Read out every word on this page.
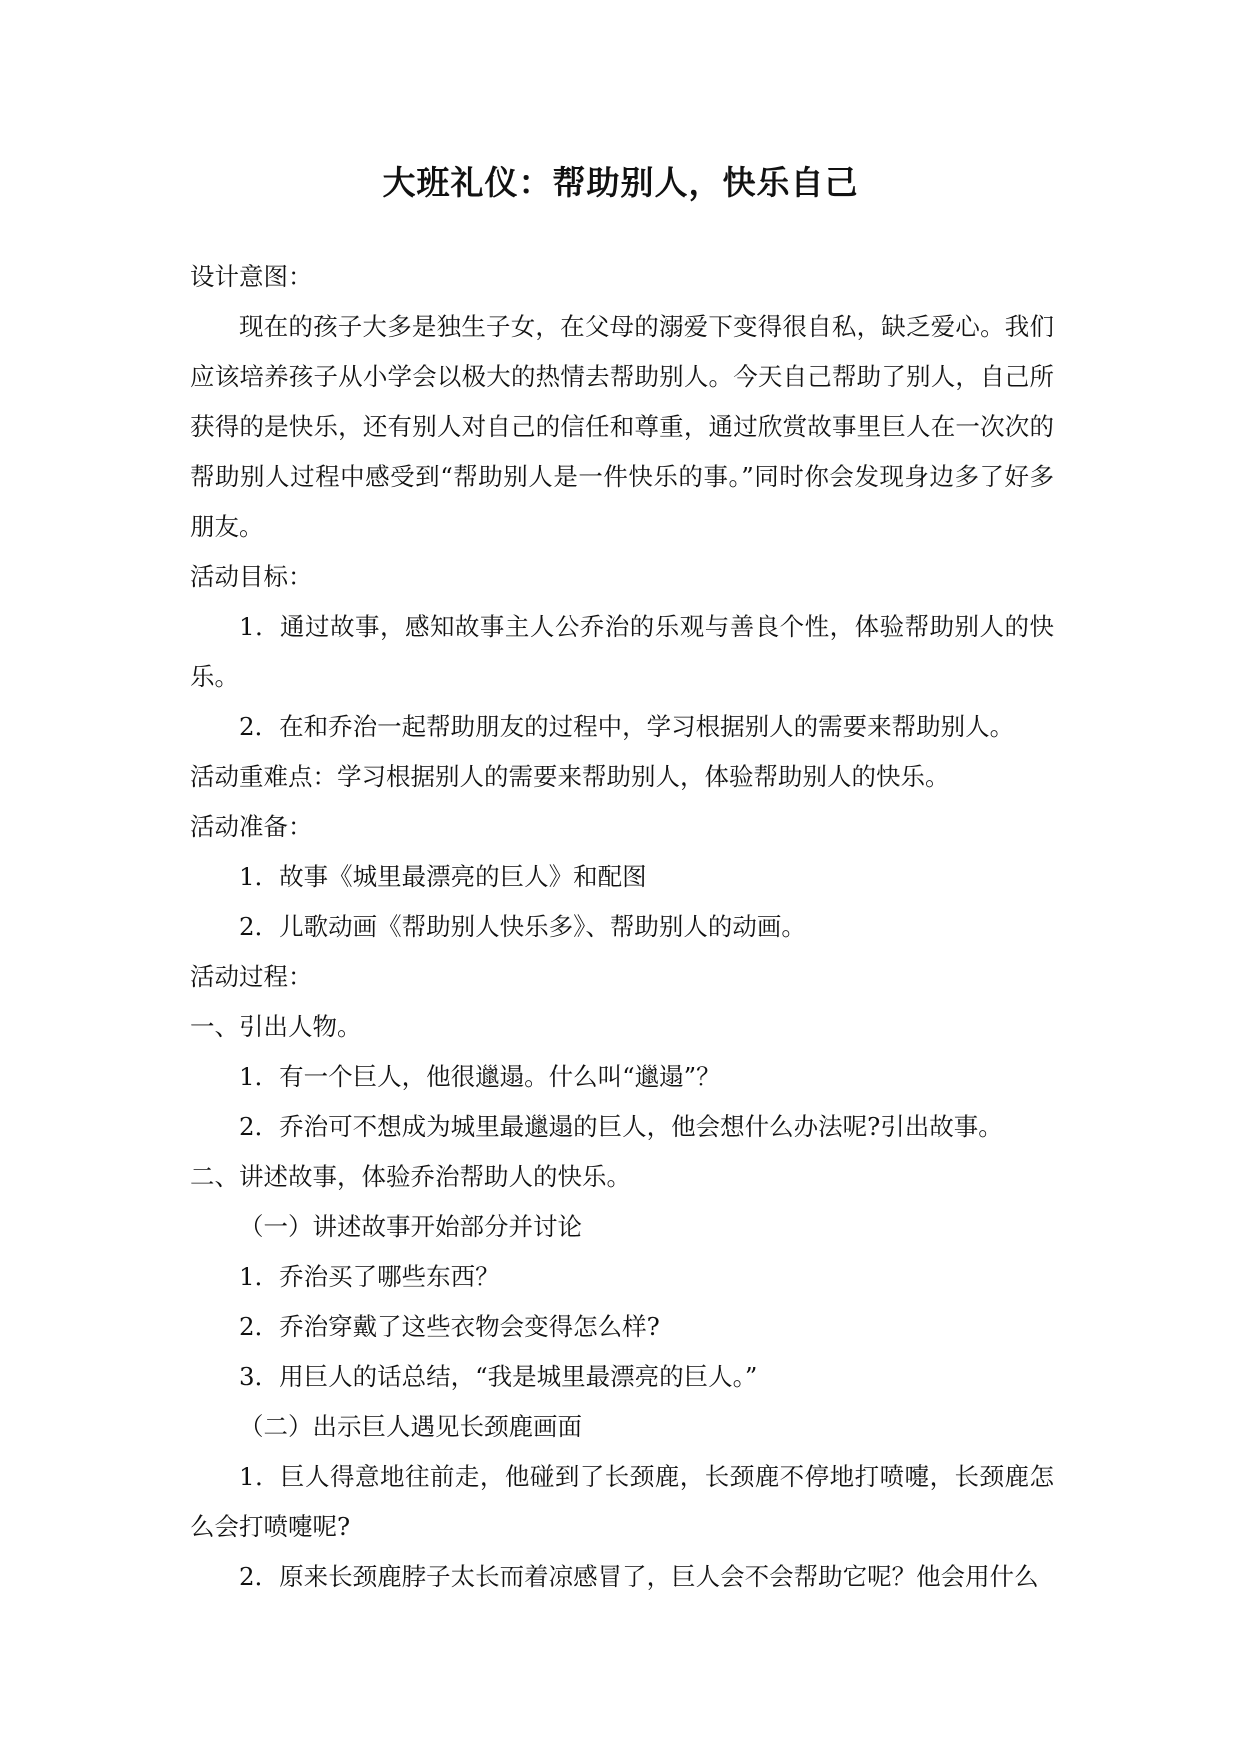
大班礼仪：帮助别人，快乐自己

设计意图：

现在的孩子大多是独生子女，在父母的溺爱下变得很自私，缺乏爱心。我们应该培养孩子从小学会以极大的热情去帮助别人。今天自己帮助了别人，自己所获得的是快乐，还有别人对自己的信任和尊重，通过欣赏故事里巨人在一次次的帮助别人过程中感受到“帮助别人是一件快乐的事。”同时你会发现身边多了好多朋友。

活动目标：

1．通过故事，感知故事主人公乔治的乐观与善良个性，体验帮助别人的快乐。

2．在和乔治一起帮助朋友的过程中，学习根据别人的需要来帮助别人。

活动重难点：学习根据别人的需要来帮助别人，体验帮助别人的快乐。

活动准备：

1．故事《城里最漂亮的巨人》和配图

2．儿歌动画《帮助别人快乐多》、帮助别人的动画。

活动过程：

一、引出人物。

1．有一个巨人，他很邋遢。什么叫“邋遢”？

2．乔治可不想成为城里最邋遢的巨人，他会想什么办法呢?引出故事。

二、讲述故事，体验乔治帮助人的快乐。

（一）讲述故事开始部分并讨论

1．乔治买了哪些东西？

2．乔治穿戴了这些衣物会变得怎么样?

3．用巨人的话总结，“我是城里最漂亮的巨人。”

（二）出示巨人遇见长颈鹿画面

1．巨人得意地往前走，他碰到了长颈鹿，长颈鹿不停地打喷嚏，长颈鹿怎么会打喷嚏呢?

2．原来长颈鹿脖子太长而着凉感冒了，巨人会不会帮助它呢？他会用什么
